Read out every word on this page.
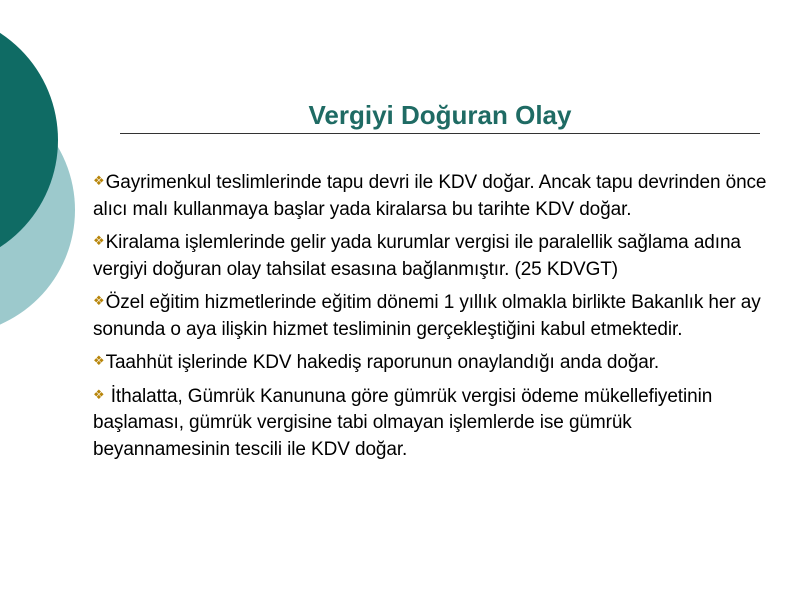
Vergiyi Doğuran Olay
❖Gayrimenkul teslimlerinde tapu devri ile KDV doğar. Ancak tapu devrinden önce alıcı malı kullanmaya başlar yada kiralarsa bu tarihte KDV doğar.
❖Kiralama işlemlerinde gelir yada kurumlar vergisi ile paralellik sağlama adına vergiyi doğuran olay tahsilat esasına bağlanmıştır. (25 KDVGT)
❖Özel eğitim hizmetlerinde eğitim dönemi 1 yıllık olmakla birlikte Bakanlık her ay sonunda o aya ilişkin hizmet tesliminin gerçekleştiğini kabul etmektedir.
❖Taahhüt işlerinde KDV hakediş raporunun onaylandığı anda doğar.
❖ İthalatta, Gümrük Kanununa göre gümrük vergisi ödeme mükellefiyetinin başlaması, gümrük vergisine tabi olmayan işlemlerde ise gümrük beyannamesinin tescili ile KDV doğar.
